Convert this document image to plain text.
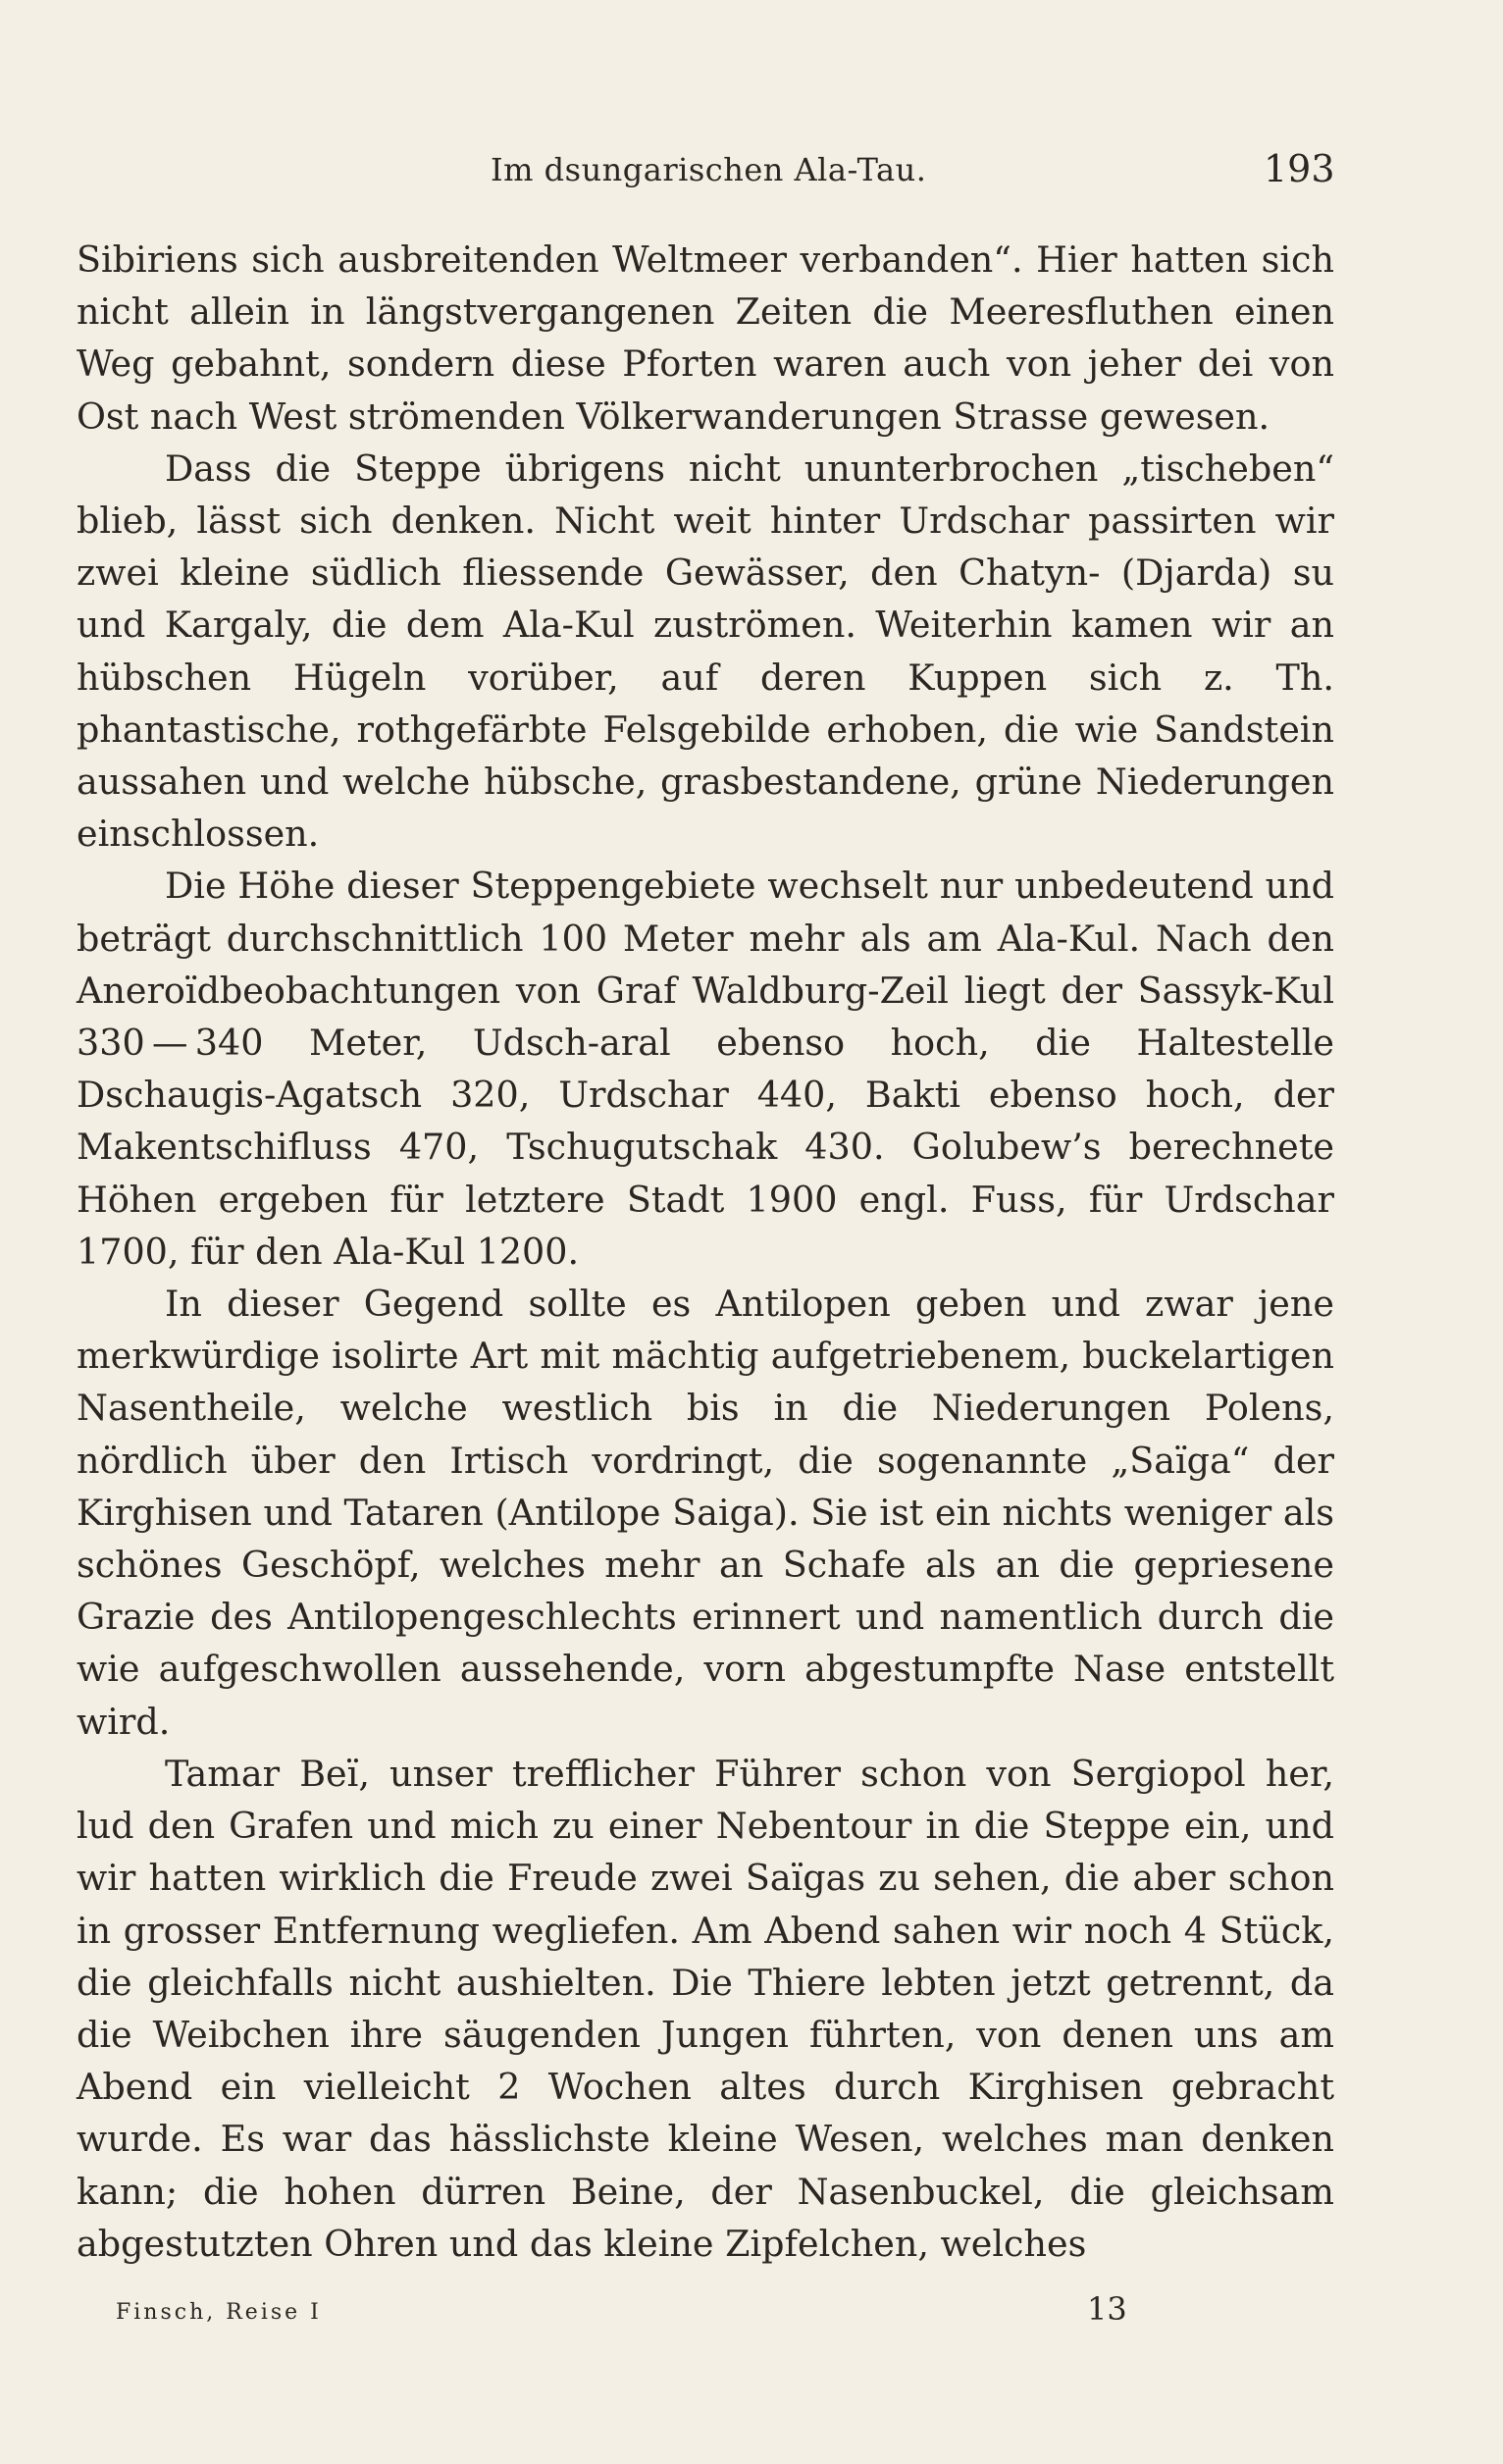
Im dsungarischen Ala-Tau.	193

Sibiriens sich ausbreitenden Weltmeer verbanden“. Hier hatten sich nicht allein in längstvergangenen Zeiten die Meeresfluthen einen Weg gebahnt, sondern diese Pforten waren auch von jeher dei von Ost nach West strömenden Völkerwanderungen Strasse gewesen.

Dass die Steppe übrigens nicht ununterbrochen „tischeben“ blieb, lässt sich denken. Nicht weit hinter Urdschar passirten wir zwei kleine südlich fliessende Gewässer, den Chatyn- (Djarda) su und Kargaly, die dem Ala-Kul zuströmen. Weiterhin kamen wir an hübschen Hügeln vorüber, auf deren Kuppen sich z. Th. phantastische, rothgefärbte Felsgebilde erhoben, die wie Sandstein aussahen und welche hübsche, grasbestandene, grüne Niederungen einschlossen.

Die Höhe dieser Steppengebiete wechselt nur unbedeutend und beträgt durchschnittlich 100 Meter mehr als am Ala-Kul. Nach den Aneroïdbeobachtungen von Graf Waldburg-Zeil liegt der Sassyk-Kul 330 — 340 Meter, Udsch-aral ebenso hoch, die Haltestelle Dschaugis-Agatsch 320, Urdschar 440, Bakti ebenso hoch, der Makentschifluss 470, Tschugutschak 430. Golubew’s berechnete Höhen ergeben für letztere Stadt 1900 engl. Fuss, für Urdschar 1700, für den Ala-Kul 1200.

In dieser Gegend sollte es Antilopen geben und zwar jene merkwürdige isolirte Art mit mächtig aufgetriebenem, buckelartigen Nasentheile, welche westlich bis in die Niederungen Polens, nördlich über den Irtisch vordringt, die sogenannte „Saïga“ der Kirghisen und Tataren (Antilope Saiga). Sie ist ein nichts weniger als schönes Geschöpf, welches mehr an Schafe als an die gepriesene Grazie des Antilopengeschlechts erinnert und namentlich durch die wie aufgeschwollen aussehende, vorn abgestumpfte Nase entstellt wird.

Tamar Beï, unser trefflicher Führer schon von Sergiopol her, lud den Grafen und mich zu einer Nebentour in die Steppe ein, und wir hatten wirklich die Freude zwei Saïgas zu sehen, die aber schon in grosser Entfernung wegliefen. Am Abend sahen wir noch 4 Stück, die gleichfalls nicht aushielten. Die Thiere lebten jetzt getrennt, da die Weibchen ihre säugenden Jungen führten, von denen uns am Abend ein vielleicht 2 Wochen altes durch Kirghisen gebracht wurde. Es war das hässlichste kleine Wesen, welches man denken kann; die hohen dürren Beine, der Nasenbuckel, die gleichsam abgestutzten Ohren und das kleine Zipfelchen, welches

Finsch, Reise I	13
